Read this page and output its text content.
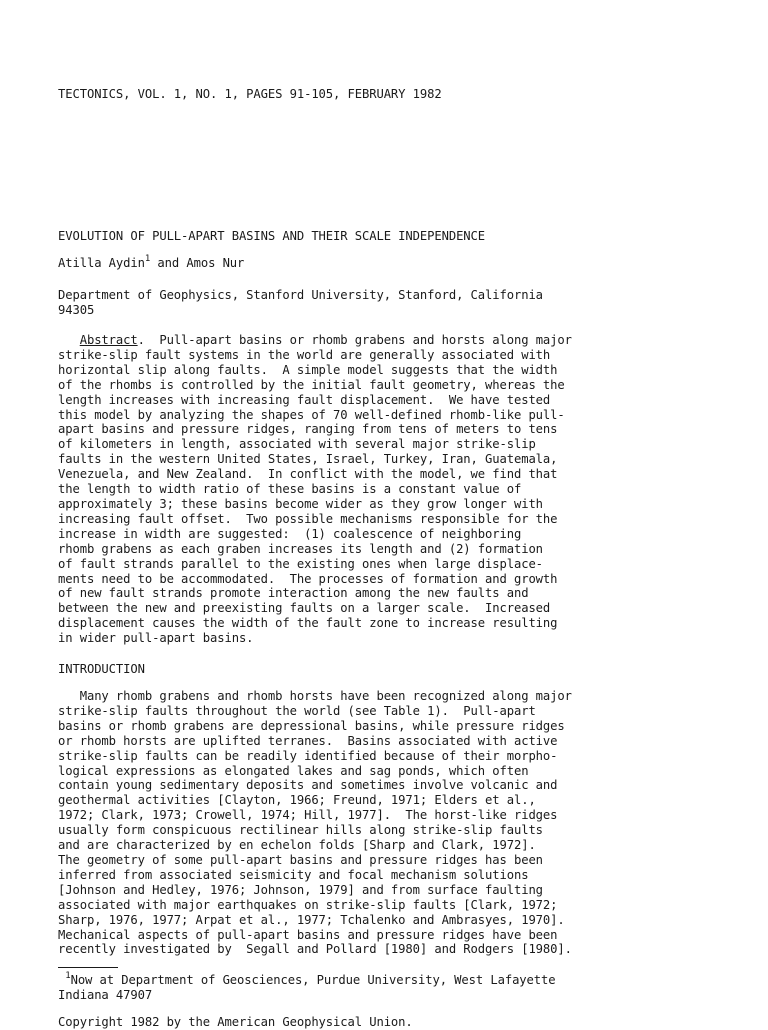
TECTONICS, VOL. 1, NO. 1, PAGES 91-105, FEBRUARY 1982
EVOLUTION OF PULL-APART BASINS AND THEIR SCALE INDEPENDENCE
Atilla Aydin$^1$ and Amos Nur
Department of Geophysics, Stanford University, Stanford, California
94305

Abstract.  Pull-apart basins or rhomb grabens and horsts along major

strike-slip fault systems in the world are generally associated with

horizontal slip along faults.  A simple model suggests that the width

of the rhombs is controlled by the initial fault geometry, whereas the

length increases with increasing fault displacement.  We have tested

this model by analyzing the shapes of 70 well-defined rhomb-like pull-

apart basins and pressure ridges, ranging from tens of meters to tens

of kilometers in length, associated with several major strike-slip

faults in the western United States, Israel, Turkey, Iran, Guatemala,

Venezuela, and New Zealand.  In conflict with the model, we find that

the length to width ratio of these basins is a constant value of

approximately 3; these basins become wider as they grow longer with

increasing fault offset.  Two possible mechanisms responsible for the

increase in width are suggested:  (1) coalescence of neighboring

rhomb grabens as each graben increases its length and (2) formation

of fault strands parallel to the existing ones when large displace-

ments need to be accommodated.  The processes of formation and growth

of new fault strands promote interaction among the new faults and

between the new and preexisting faults on a larger scale.  Increased

displacement causes the width of the fault zone to increase resulting

in wider pull-apart basins.

INTRODUCTION

Many rhomb grabens and rhomb horsts have been recognized along major

strike-slip faults throughout the world (see Table 1).  Pull-apart

basins or rhomb grabens are depressional basins, while pressure ridges

or rhomb horsts are uplifted terranes.  Basins associated with active

strike-slip faults can be readily identified because of their morpho-

logical expressions as elongated lakes and sag ponds, which often

contain young sedimentary deposits and sometimes involve volcanic and

geothermal activities [Clayton, 1966; Freund, 1971; Elders et al.,

1972; Clark, 1973; Crowell, 1974; Hill, 1977].  The horst-like ridges

usually form conspicuous rectilinear hills along strike-slip faults

and are characterized by en echelon folds [Sharp and Clark, 1972].

The geometry of some pull-apart basins and pressure ridges has been

inferred from associated seismicity and focal mechanism solutions

[Johnson and Hedley, 1976; Johnson, 1979] and from surface faulting

associated with major earthquakes on strike-slip faults [Clark, 1972;

Sharp, 1976, 1977; Arpat et al., 1977; Tchalenko and Ambrasyes, 1970].

Mechanical aspects of pull-apart basins and pressure ridges have been

recently investigated by  Segall and Pollard [1980] and Rodgers [1980].

$^1$Now at Department of Geosciences, Purdue University, West Lafayette
Indiana 47907
Copyright 1982 by the American Geophysical Union.
